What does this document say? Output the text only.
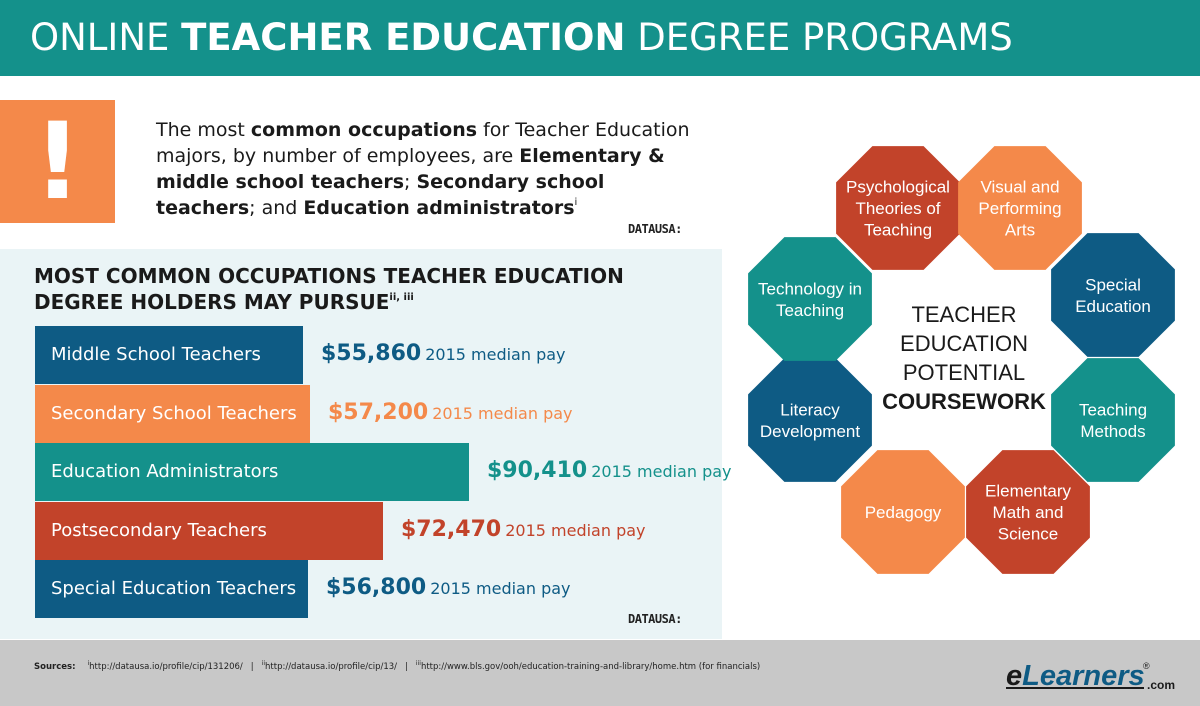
ONLINE TEACHER EDUCATION DEGREE PROGRAMS
!	The most common occupations for Teacher Education majors, by number of employees, are Elementary & middle school teachers; Secondary school teachers; and Education administrators$^i$

DATAUSA:
MOST COMMON OCCUPATIONS TEACHER EDUCATION DEGREE HOLDERS MAY $PURSUE^{ii, iii}$
Middle School Teachers	$55,860 2015 median pay
Secondary School Teachers	$57,200 2015 median pay
Education Administrators	$90,410 2015 median pay
Postsecondary Teachers	$72,470 2015 median pay
Special Education Teachers	$56,800 2015 median pay
DATAUSA:
Psychological
Theories of
Teaching
Visual and
Performing
Arts
Special
Education
Teaching
Methods
Elementary
Math and
Science
Pedagogy
Literacy
Development
Technology in
Teaching	TEACHER
EDUCATION
POTENTIAL
COURSEWORK
Sources: $^i$http://datausa.io/profile/cip/131206/ | $^{ii}$http://datausa.io/profile/cip/13/ | $^{iii}$http://www.bls.gov/ooh/education-training-and-library/home.htm (for financials)	eLearners
®
.com
